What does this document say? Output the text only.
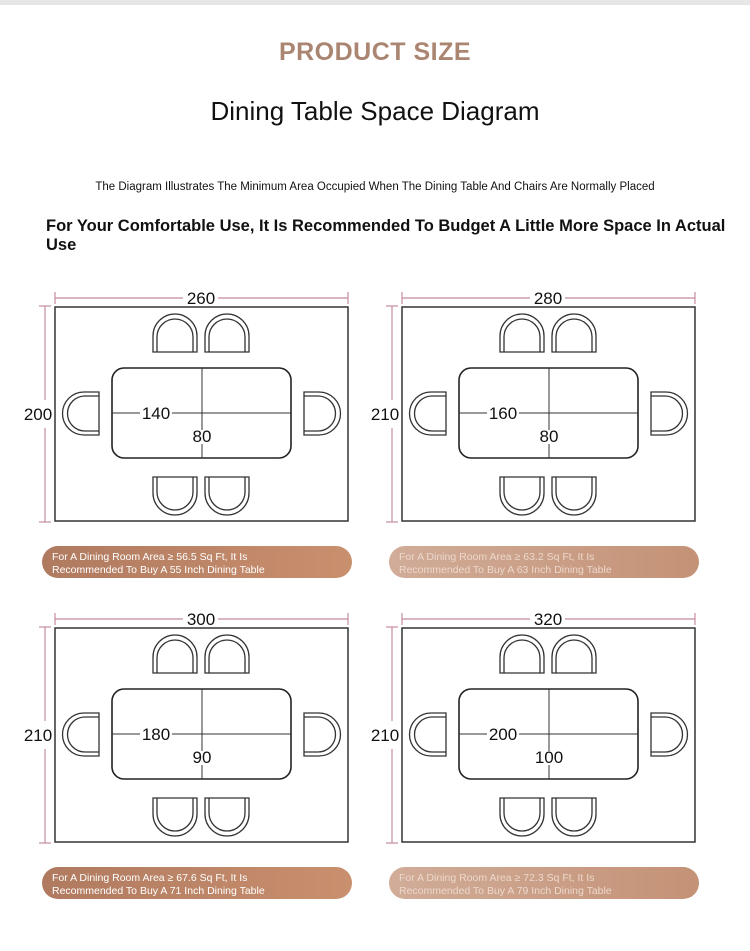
PRODUCT SIZE
Dining Table Space Diagram

The Diagram Illustrates The Minimum Area Occupied When The Dining Table And Chairs Are Normally Placed

For Your Comfortable Use, It Is Recommended To Budget A Little More Space In Actual Use

260
200	140
80
For A Dining Room Area ≥ 56.5 Sq Ft, It Is
Recommended To Buy A 55 Inch Dining Table
280
210	160
80
For A Dining Room Area ≥ 63.2 Sq Ft, It Is
Recommended To Buy A 63 Inch Dining Table
300
210	180
90
For A Dining Room Area ≥ 67.6 Sq Ft, It Is
Recommended To Buy A 71 Inch Dining Table
320
210	200
100
For A Dining Room Area ≥ 72.3 Sq Ft, It Is
Recommended To Buy A 79 Inch Dining Table
